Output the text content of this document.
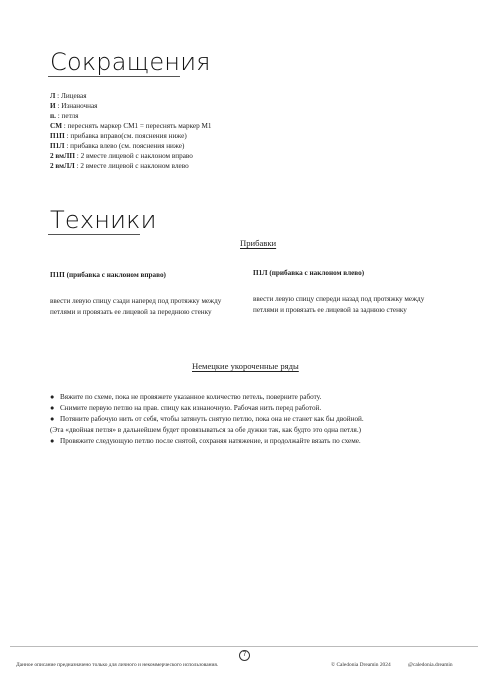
Сокращения
Л : Лицевая
И : Изнаночная
п. : петля
СМ : переснять маркер СМ1 = переснять маркер М1
П1П : прибавка вправо(см. пояснения ниже)
П1Л : прибавка влево (см. пояснения ниже)
2 вмЛП : 2 вместе лицевой с наклоном вправо
2 вмЛЛ : 2 вместе лицевой с наклоном влево
Техники
Прибавки
П1П (прибавка с наклоном вправо)
ввести левую спицу сзади наперед под протяжку между петлями и провязать ее лицевой за переднюю стенку
П1Л (прибавка с наклоном влево)
ввести левую спицу спереди назад под протяжку между петлями и провязать ее лицевой за заднюю стенку
Немецкие укороченные ряды
● Вяжите по схеме, пока не провяжете указанное количество петель, поверните работу.
● Снимите первую петлю на прав. спицу как изнаночную. Рабочая нить перед работой.
● Потяните рабочую нить от себя, чтобы затянуть снятую петлю, пока она не станет как бы двойной.
(Эта «двойная петля» в дальнейшем будет провязываться за обе дужки так, как будто это одна петля.)
● Провяжите следующую петлю после снятой, сохраняя натяжение, и продолжайте вязать по схеме.
7
Данное описание предназначено только для личного и некоммерческого использования.	© Caledonia Dreamin 2024	@caledonia.dreamin
